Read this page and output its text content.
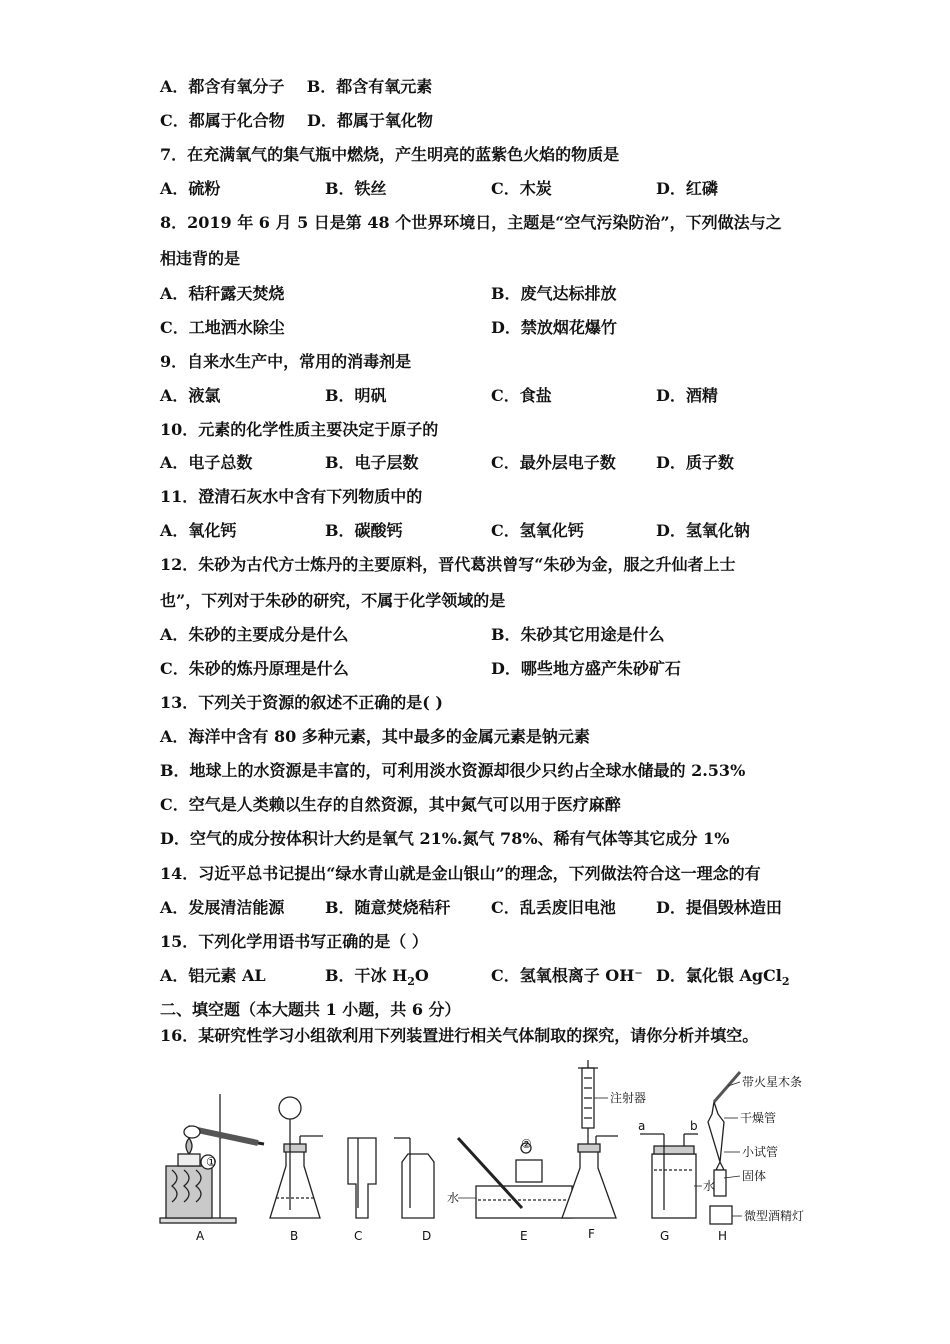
A．都含有氧分子 B．都含有氧元素
C．都属于化合物 D．都属于氧化物
7．在充满氧气的集气瓶中燃烧，产生明亮的蓝紫色火焰的物质是
A．硫粉	B．铁丝	C．木炭	D．红磷
8．2019 年 6 月 5 日是第 48 个世界环境日，主题是“空气污染防治”，下列做法与之
相违背的是
A．秸秆露天焚烧	B．废气达标排放
C．工地洒水除尘	D．禁放烟花爆竹
9．自来水生产中，常用的消毒剂是
A．液氯	B．明矾	C．食盐	D．酒精
10．元素的化学性质主要决定于原子的
A．电子总数	B．电子层数	C．最外层电子数	D．质子数
11．澄清石灰水中含有下列物质中的
A．氧化钙	B．碳酸钙	C．氢氧化钙	D．氢氧化钠
12．朱砂为古代方士炼丹的主要原料，晋代葛洪曾写“朱砂为金，服之升仙者上士
也”，下列对于朱砂的研究，不属于化学领域的是
A．朱砂的主要成分是什么	B．朱砂其它用途是什么
C．朱砂的炼丹原理是什么	D．哪些地方盛产朱砂矿石
13．下列关于资源的叙述不正确的是( )
A．海洋中含有 80 多种元素，其中最多的金属元素是钠元素
B．地球上的水资源是丰富的，可利用淡水资源却很少只约占全球水储最的 2.53%
C．空气是人类赖以生存的自然资源，其中氮气可以用于医疗麻醉
D．空气的成分按体积计大约是氧气 21%.氮气 78%、稀有气体等其它成分 1%
14．习近平总书记提出“绿水青山就是金山银山”的理念，下列做法符合这一理念的有
A．发展清洁能源	B．随意焚烧秸秆	C．乱丢废旧电池	D．提倡毁林造田
15．下列化学用语书写正确的是（ ）
A．铝元素 AL	B．干冰 $H_2O$	C．氢氧根离子 OH⁻ D．氯化银 AgCl$_2$
二、填空题（本大题共 1 小题，共 6 分）
16．某研究性学习小组欲利用下列装置进行相关气体制取的探究，请你分析并填空。
①
②
注射器
水
a	b
水
带火星木条
干燥管
小试管
固体
微型酒精灯
A	B	C	D	E	F	G	H
